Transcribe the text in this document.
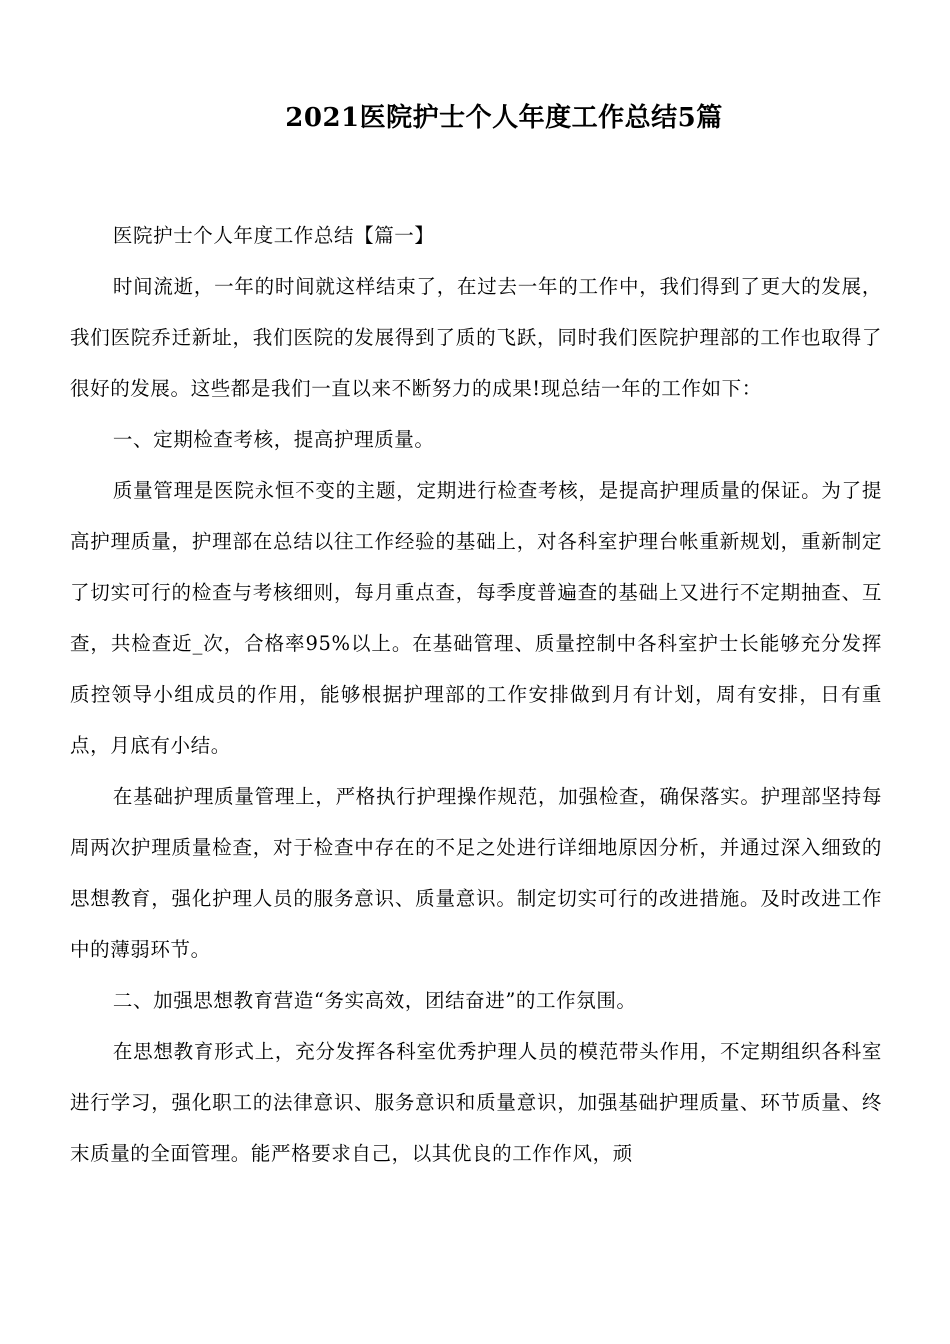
2021医院护士个人年度工作总结5篇

医院护士个人年度工作总结【篇一】

时间流逝，一年的时间就这样结束了，在过去一年的工作中，我们得到了更大的发展，我们医院乔迁新址，我们医院的发展得到了质的飞跃，同时我们医院护理部的工作也取得了很好的发展。这些都是我们一直以来不断努力的成果!现总结一年的工作如下：

一、定期检查考核，提高护理质量。

质量管理是医院永恒不变的主题，定期进行检查考核，是提高护理质量的保证。为了提高护理质量，护理部在总结以往工作经验的基础上，对各科室护理台帐重新规划，重新制定了切实可行的检查与考核细则，每月重点查，每季度普遍查的基础上又进行不定期抽查、互查，共检查近_次，合格率95%以上。在基础管理、质量控制中各科室护士长能够充分发挥质控领导小组成员的作用，能够根据护理部的工作安排做到月有计划，周有安排，日有重点，月底有小结。

在基础护理质量管理上，严格执行护理操作规范，加强检查，确保落实。护理部坚持每周两次护理质量检查，对于检查中存在的不足之处进行详细地原因分析，并通过深入细致的思想教育，强化护理人员的服务意识、质量意识。制定切实可行的改进措施。及时改进工作中的薄弱环节。

二、加强思想教育营造“务实高效，团结奋进”的工作氛围。

在思想教育形式上，充分发挥各科室优秀护理人员的模范带头作用，不定期组织各科室进行学习，强化职工的法律意识、服务意识和质量意识，加强基础护理质量、环节质量、终末质量的全面管理。能严格要求自己，以其优良的工作作风，顽
